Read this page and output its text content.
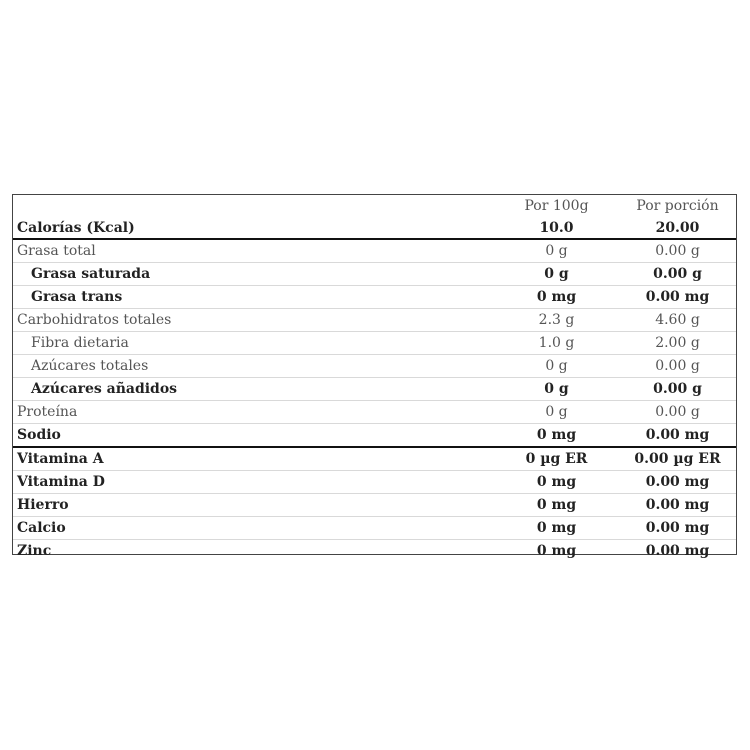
	Por 100g	Por porción
Calorías (Kcal)	10.0	20.00
Grasa total	0 g	0.00 g
Grasa saturada	0 g	0.00 g
Grasa trans	0 mg	0.00 mg
Carbohidratos totales	2.3 g	4.60 g
Fibra dietaria	1.0 g	2.00 g
Azúcares totales	0 g	0.00 g
Azúcares añadidos	0 g	0.00 g
Proteína	0 g	0.00 g
Sodio	0 mg	0.00 mg
Vitamina A	0 µg ER	0.00 µg ER
Vitamina D	0 mg	0.00 mg
Hierro	0 mg	0.00 mg
Calcio	0 mg	0.00 mg
Zinc	0 mg	0.00 mg
